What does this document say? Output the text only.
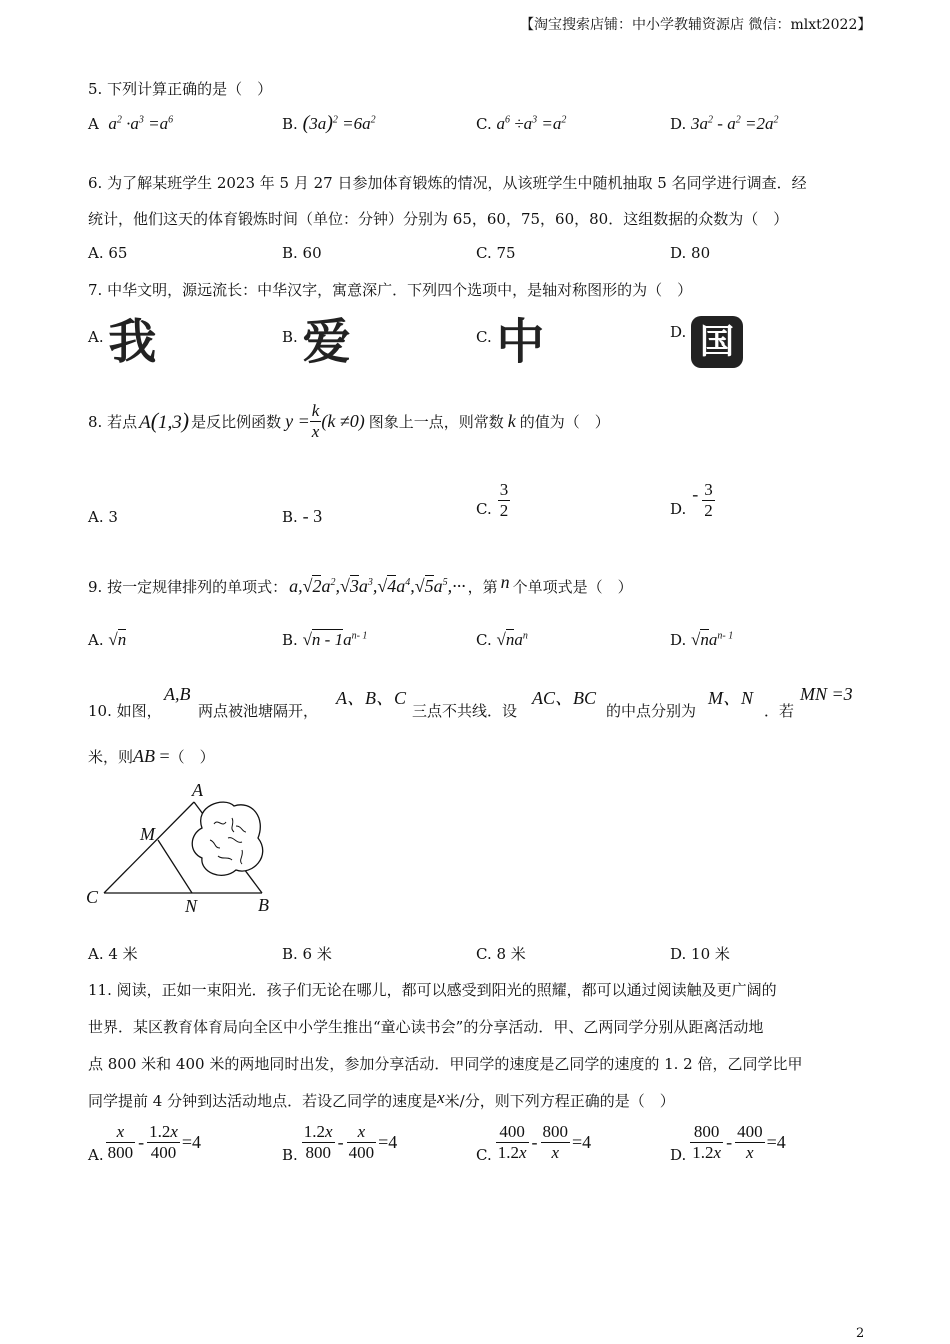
【淘宝搜索店铺：中小学教辅资源店 微信：mlxt2022】
5. 下列计算正确的是（　）
A $a^2 \cdot a^3 =a^6$	B. $(3a)^2 =6a^2$	C. $a^6 \div a^3 =a^2$	D. $3a^2 - a^2 =2a^2$
6. 为了解某班学生 2023 年 5 月 27 日参加体育锻炼的情况，从该班学生中随机抽取 5 名同学进行调查．经
统计，他们这天的体育锻炼时间（单位：分钟）分别为 65，60，75，60，80．这组数据的众数为（　）
A. 65	B. 60	C. 75	D. 80
7. 中华文明，源远流长：中华汉字，寓意深广．下列四个选项中，是轴对称图形的为（　）
A. 我	B. 爱	C. 中	D. 国
8. 若点 A(1,3) 是反比例函数 $y = \frac{k}{x}$ ( k ≠ 0) 图象上一点，则常数 k 的值为（　）
A. 3	B. - 3	C. $\frac{3}{2}$	D.
- $\frac{3}{2}$
9. 按一定规律排列的单项式： $a,√2a^2,√3a^3,√4a^4,√5a^5,\cdot\cdot\cdot$ ，第 n 个单项式是（　）
A. √n	B. $√n - 1a^{n- 1}$	C. $√na^n$	D. $√na^{n- 1}$
10. 如图，
A,B
两点被池塘隔开，
A、B、C
三点不共线．设
AC、BC
的中点分别为
M、N
．若
MN =3
米，则AB =（　）
A
M
C	N	B
A. 4 米	B. 6 米	C. 8 米	D. 10 米
11. 阅读，正如一束阳光．孩子们无论在哪儿，都可以感受到阳光的照耀，都可以通过阅读触及更广阔的
世界．某区教育体育局向全区中小学生推出“童心读书会”的分享活动．甲、乙两同学分别从距离活动地
点 800 米和 400 米的两地同时出发，参加分享活动．甲同学的速度是乙同学的速度的 1. 2 倍，乙同学比甲
同学提前 4 分钟到达活动地点．若设乙同学的速度是x米/分，则下列方程正确的是（　）
A. $\frac{x}{800} - \frac{1.2x}{400} =4$
B. $\frac{1.2x}{800} - \frac{x}{400} =4$
C. $\frac{400}{1.2x} - \frac{800}{x} =4$
D. $\frac{800}{1.2x} - \frac{400}{x} =4$
2
